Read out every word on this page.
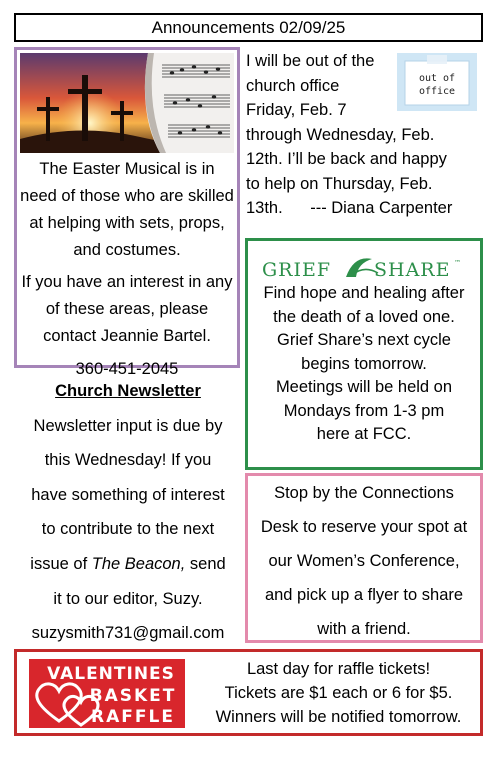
Announcements 02/09/25

The Easter Musical is in need of those who are skilled at helping with sets, props, and costumes.

If you have an interest in any of these areas, please contact Jeannie Bartel.

360-451-2045

I will be out of the
church office
Friday, Feb. 7
through Wednesday, Feb.
12th. I’ll be back and happy
to help on Thursday, Feb.
13th.      --- Diana Carpenter
out of
office
GRIEF SHARE ™
Find hope and healing after
the death of a loved one.
Grief Share’s next cycle
begins tomorrow.
Meetings will be held on
Mondays from 1-3 pm
here at FCC.
Church Newsletter
Newsletter input is due by
this Wednesday! If you
have something of interest
to contribute to the next
issue of The Beacon, send
it to our editor, Suzy.
suzysmith731@gmail.com
Stop by the Connections
Desk to reserve your spot at
our Women’s Conference,
and pick up a flyer to share
with a friend.
VALENTINES
BASKET
RAFFLE
Last day for raffle tickets!
Tickets are $1 each or 6 for $5.
Winners will be notified tomorrow.
